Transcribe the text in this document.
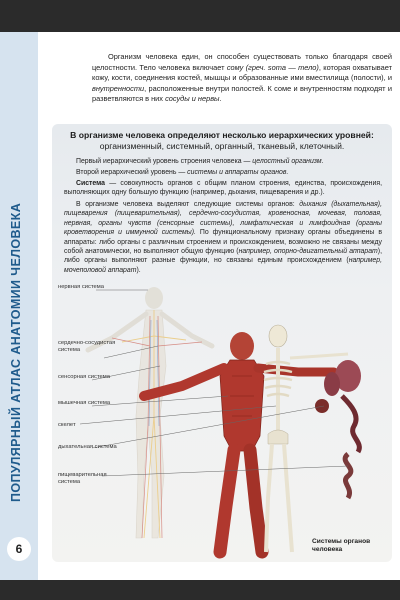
ПОПУЛЯРНЫЙ АТЛАС АНАТОМИИ ЧЕЛОВЕКА
6

Организм человека един, он способен существовать только благодаря своей целостности. Тело человека включает сому (греч. soma — тело), которая охватывает кожу, кости, соединения костей, мышцы и образованные ими вместилища (полости), и внутренности, расположенные внутри полостей. К соме и внутренностям подходят и разветвляются в них сосуды и нервы.

В организме человека определяют несколько иерархических уровней:
организменный, системный, органный, тканевый, клеточный.

Первый иерархический уровень строения человека — целостный организм.

Второй иерархический уровень — системы и аппараты органов.

Система — совокупность органов с общим планом строения, единства, происхождения, выполняющих одну большую функцию (например, дыхания, пищеварения и др.).

В организме человека выделяют следующие системы органов: дыхания (дыхательная), пищеварения (пищеварительная), сердечно-сосудистая, кровеносная, мочевая, половая, нервная, органы чувств (сенсорные системы), лимфатическая и лимфоидная (органы кроветворения и иммунной системы). По функциональному признаку органы объединены в аппараты: либо органы с различным строением и происхождением, возможно не связаны между собой анатомически, но выполняют общую функцию (например, опорно-двигательный аппарат), либо органы выполняют разные функции, но связаны единым происхождением (например, мочеполовой аппарат).

нервная система

сердечно-сосудистая система

сенсорная система

мышечная система

скелет

дыхательная система

пищеварительная система

Системы органов человека
